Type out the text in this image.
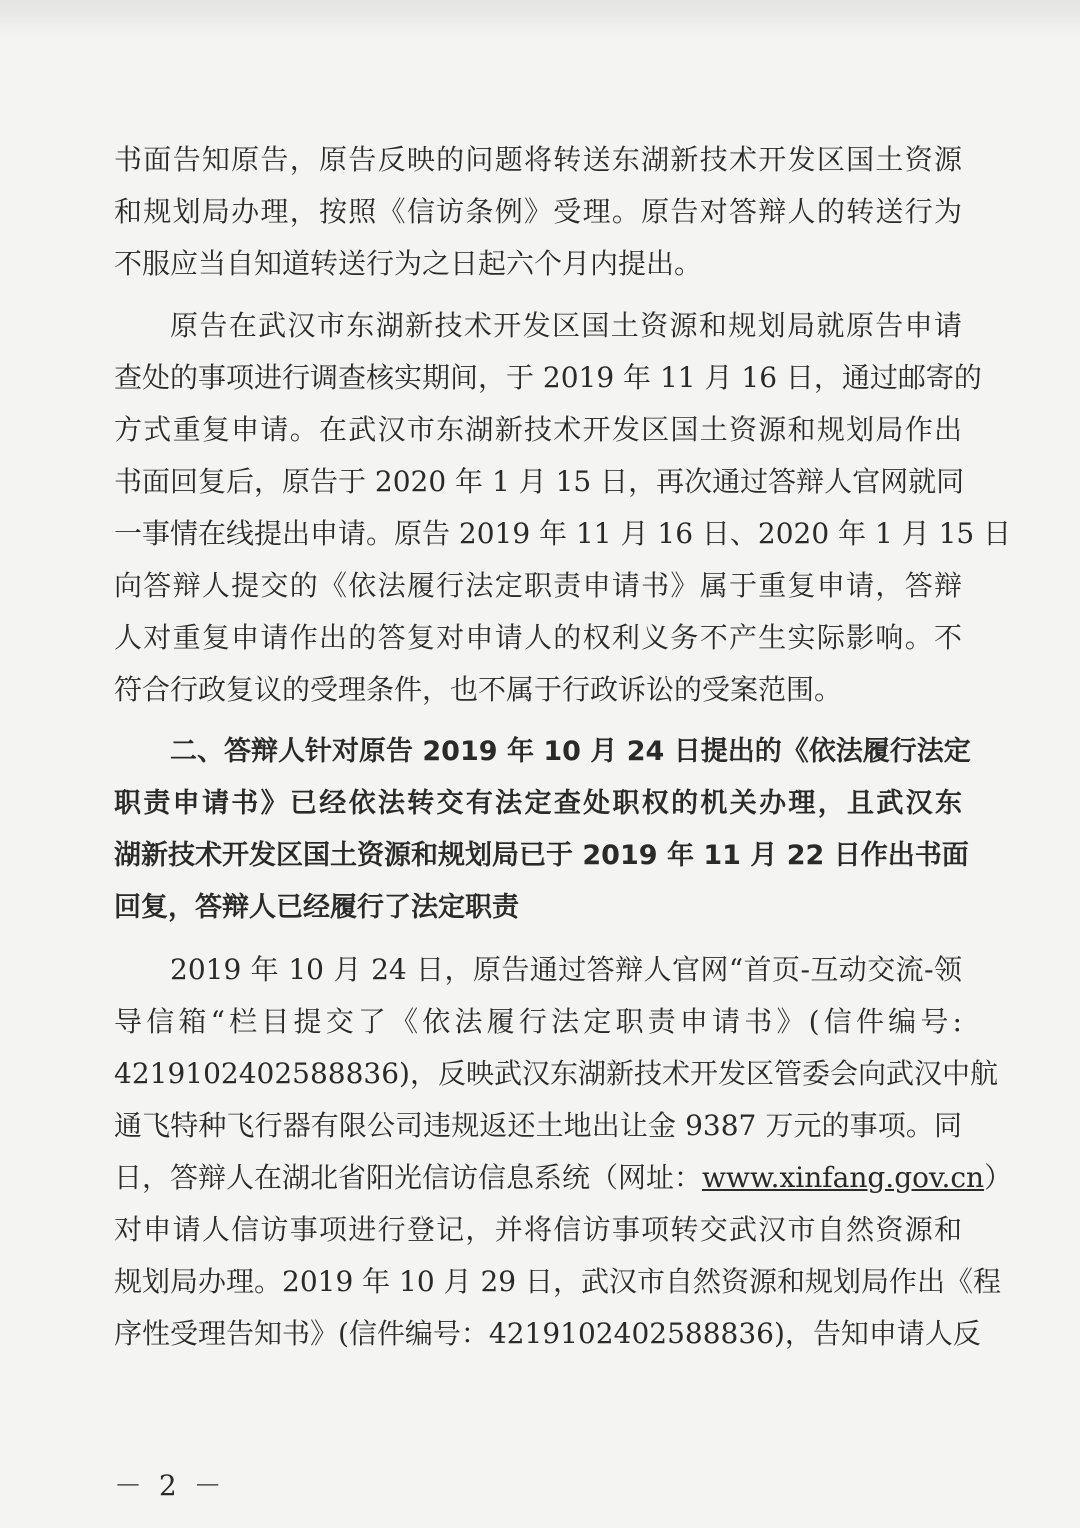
书面告知原告，原告反映的问题将转送东湖新技术开发区国土资源
和规划局办理，按照《信访条例》受理。原告对答辩人的转送行为
不服应当自知道转送行为之日起六个月内提出。
原告在武汉市东湖新技术开发区国土资源和规划局就原告申请
查处的事项进行调查核实期间，于 2019 年 11 月 16 日，通过邮寄的
方式重复申请。在武汉市东湖新技术开发区国土资源和规划局作出
书面回复后，原告于 2020 年 1 月 15 日，再次通过答辩人官网就同
一事情在线提出申请。原告 2019 年 11 月 16 日、2020 年 1 月 15 日
向答辩人提交的《依法履行法定职责申请书》属于重复申请，答辩
人对重复申请作出的答复对申请人的权利义务不产生实际影响。不
符合行政复议的受理条件，也不属于行政诉讼的受案范围。
二、答辩人针对原告 2019 年 10 月 24 日提出的《依法履行法定
职责申请书》已经依法转交有法定查处职权的机关办理，且武汉东
湖新技术开发区国土资源和规划局已于 2019 年 11 月 22 日作出书面
回复，答辩人已经履行了法定职责
2019 年 10 月 24 日，原告通过答辩人官网“首页-互动交流-领
导信箱“栏目提交了《依法履行法定职责申请书》(信件编号:
4219102402588836)，反映武汉东湖新技术开发区管委会向武汉中航
通飞特种飞行器有限公司违规返还土地出让金 9387 万元的事项。同
日，答辩人在湖北省阳光信访信息系统（网址：www.xinfang.gov.cn）
对申请人信访事项进行登记，并将信访事项转交武汉市自然资源和
规划局办理。2019 年 10 月 29 日，武汉市自然资源和规划局作出《程
序性受理告知书》(信件编号：4219102402588836)，告知申请人反
－ 2 －
